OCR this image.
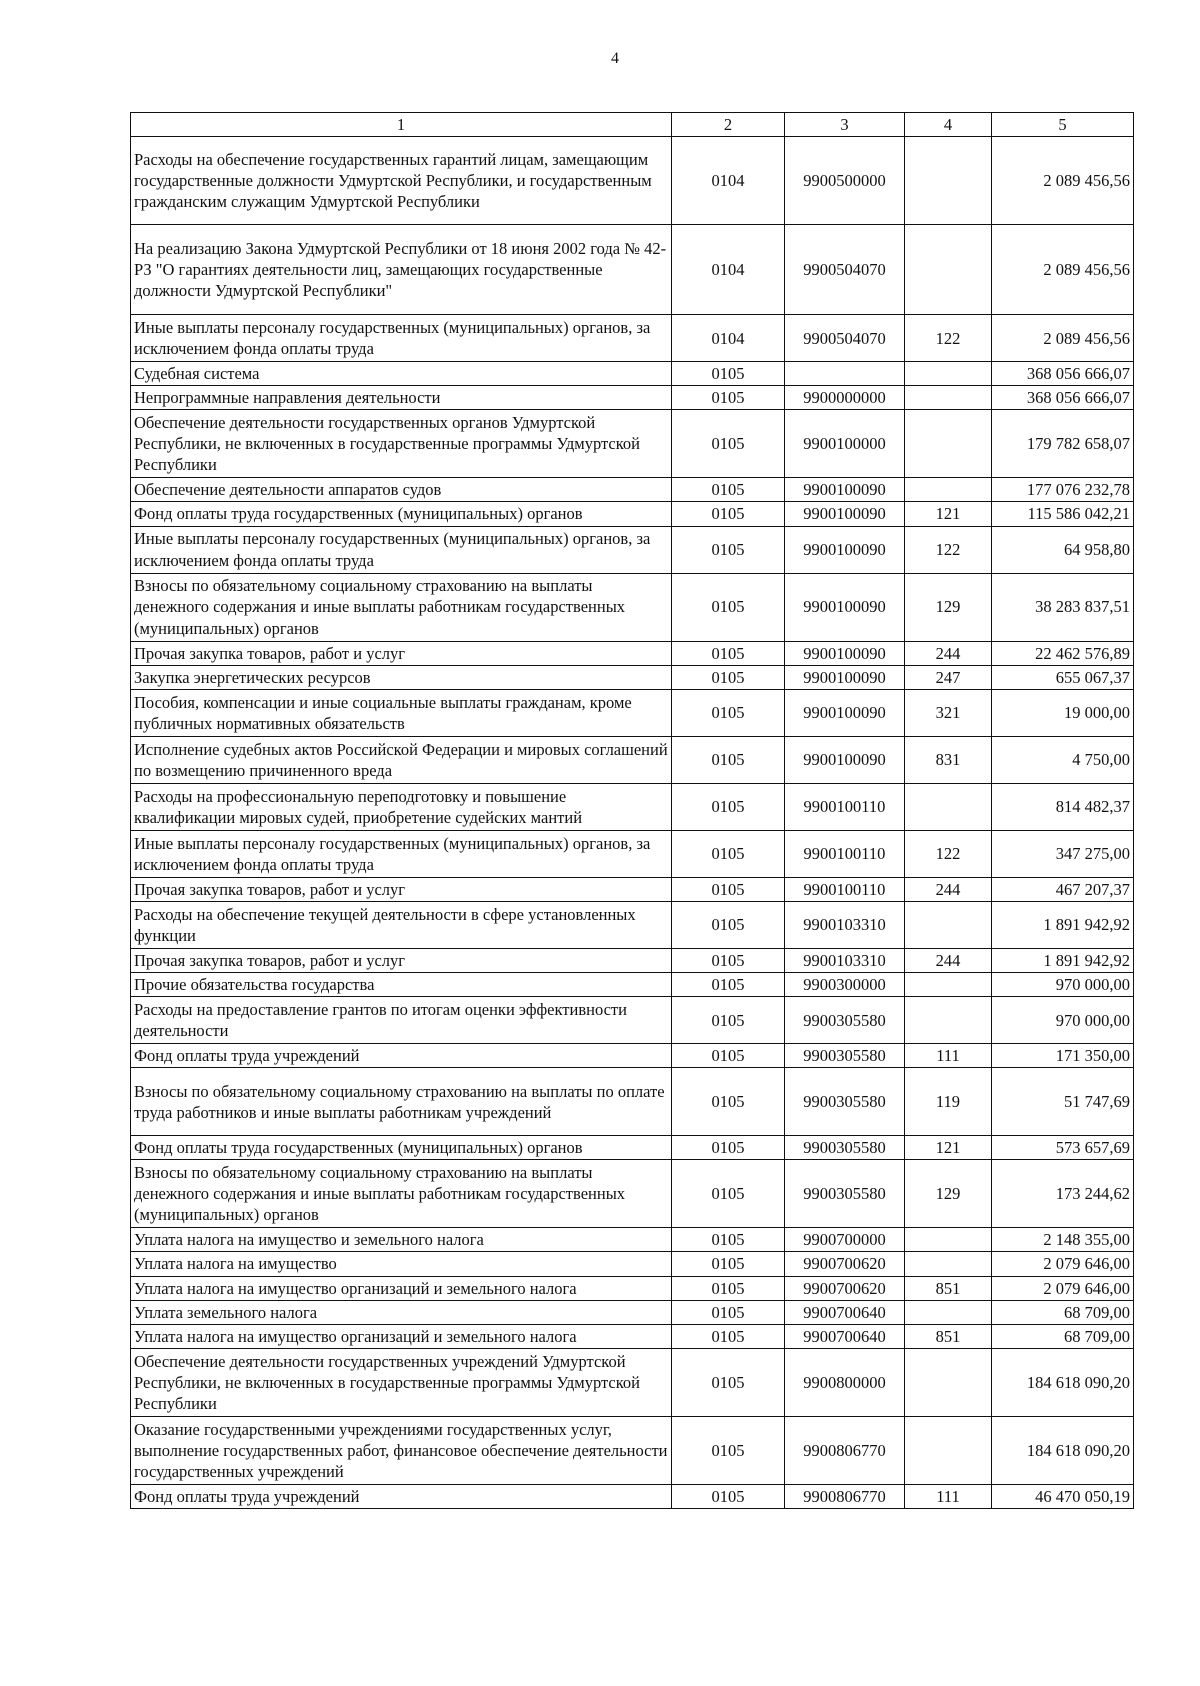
4
1	2	3	4	5
Расходы на обеспечение государственных гарантий лицам, замещающим государственные должности Удмуртской Республики, и государственным гражданским служащим Удмуртской Республики	0104	9900500000		2 089 456,56
На реализацию Закона Удмуртской Республики от 18 июня 2002 года № 42-РЗ "О гарантиях деятельности лиц, замещающих государственные должности Удмуртской Республики"	0104	9900504070		2 089 456,56
Иные выплаты персоналу государственных (муниципальных) органов, за исключением фонда оплаты труда	0104	9900504070	122	2 089 456,56
Судебная система	0105			368 056 666,07
Непрограммные направления деятельности	0105	9900000000		368 056 666,07
Обеспечение деятельности государственных органов Удмуртской Республики, не включенных в государственные программы Удмуртской Республики	0105	9900100000		179 782 658,07
Обеспечение деятельности аппаратов судов	0105	9900100090		177 076 232,78
Фонд оплаты труда государственных (муниципальных) органов	0105	9900100090	121	115 586 042,21
Иные выплаты персоналу государственных (муниципальных) органов, за исключением фонда оплаты труда	0105	9900100090	122	64 958,80
Взносы по обязательному социальному страхованию на выплаты денежного содержания и иные выплаты работникам государственных (муниципальных) органов	0105	9900100090	129	38 283 837,51
Прочая закупка товаров, работ и услуг	0105	9900100090	244	22 462 576,89
Закупка энергетических ресурсов	0105	9900100090	247	655 067,37
Пособия, компенсации и иные социальные выплаты гражданам, кроме публичных нормативных обязательств	0105	9900100090	321	19 000,00
Исполнение судебных актов Российской Федерации и мировых соглашений по возмещению причиненного вреда	0105	9900100090	831	4 750,00
Расходы на профессиональную переподготовку и повышение квалификации мировых судей, приобретение судейских мантий	0105	9900100110		814 482,37
Иные выплаты персоналу государственных (муниципальных) органов, за исключением фонда оплаты труда	0105	9900100110	122	347 275,00
Прочая закупка товаров, работ и услуг	0105	9900100110	244	467 207,37
Расходы на обеспечение текущей деятельности в сфере установленных функции	0105	9900103310		1 891 942,92
Прочая закупка товаров, работ и услуг	0105	9900103310	244	1 891 942,92
Прочие обязательства государства	0105	9900300000		970 000,00
Расходы на предоставление грантов по итогам оценки эффективности деятельности	0105	9900305580		970 000,00
Фонд оплаты труда учреждений	0105	9900305580	111	171 350,00
Взносы по обязательному социальному страхованию на выплаты по оплате труда работников и иные выплаты работникам учреждений	0105	9900305580	119	51 747,69
Фонд оплаты труда государственных (муниципальных) органов	0105	9900305580	121	573 657,69
Взносы по обязательному социальному страхованию на выплаты денежного содержания и иные выплаты работникам государственных (муниципальных) органов	0105	9900305580	129	173 244,62
Уплата налога на имущество и земельного налога	0105	9900700000		2 148 355,00
Уплата налога на имущество	0105	9900700620		2 079 646,00
Уплата налога на имущество организаций и земельного налога	0105	9900700620	851	2 079 646,00
Уплата земельного налога	0105	9900700640		68 709,00
Уплата налога на имущество организаций и земельного налога	0105	9900700640	851	68 709,00
Обеспечение деятельности государственных учреждений Удмуртской Республики, не включенных в государственные программы Удмуртской Республики	0105	9900800000		184 618 090,20
Оказание государственными учреждениями государственных услуг, выполнение государственных работ, финансовое обеспечение деятельности государственных учреждений	0105	9900806770		184 618 090,20
Фонд оплаты труда учреждений	0105	9900806770	111	46 470 050,19
